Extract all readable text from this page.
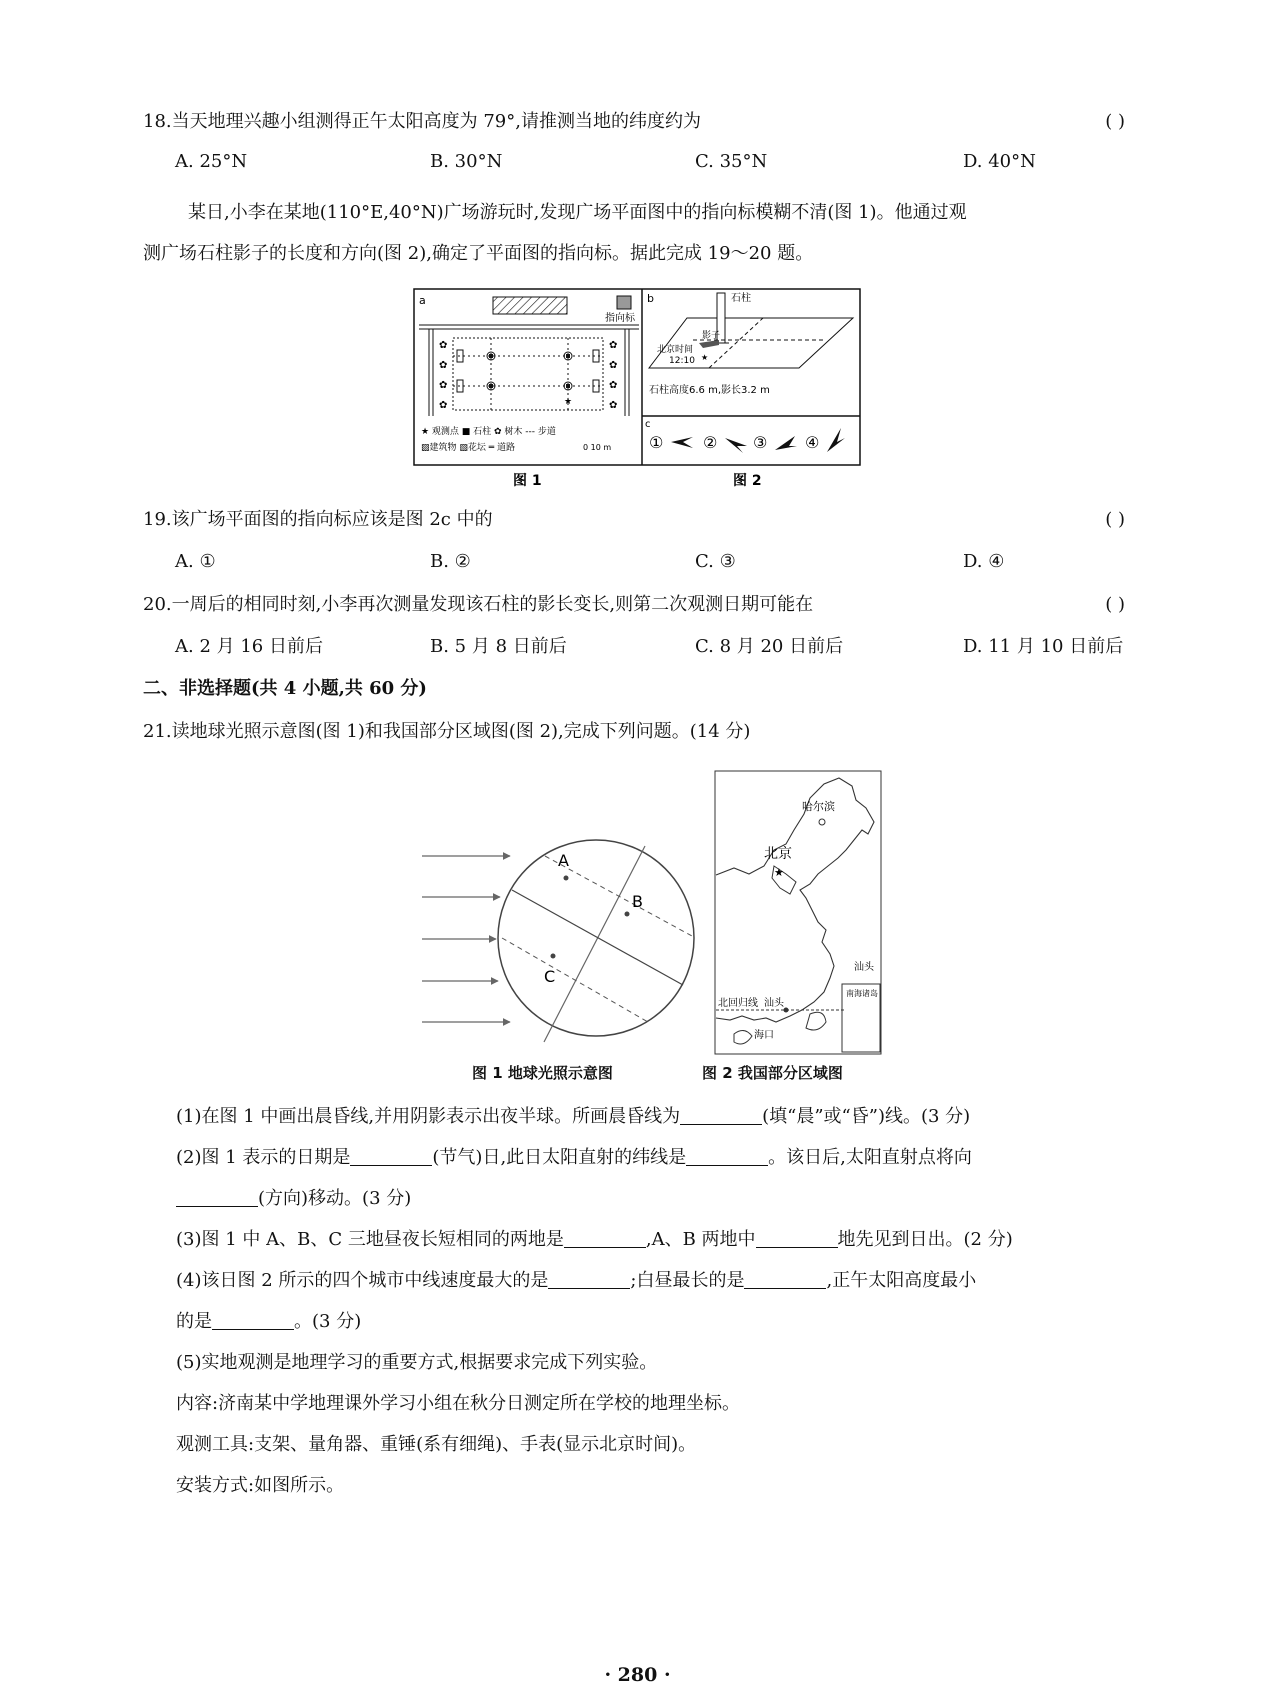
18.当天地理兴趣小组测得正午太阳高度为 79°,请推测当地的纬度约为	( )
A. 25°N	B. 30°N	C. 35°N	D. 40°N
某日,小李在某地(110°E,40°N)广场游玩时,发现广场平面图中的指向标模糊不清(图 1)。他通过观
测广场石柱影子的长度和方向(图 2),确定了平面图的指向标。据此完成 19～20 题。
a
指向标
★
✿
✿
✿
✿
✿
✿
✿
✿
★ 观测点 ■ 石柱 ✿ 树木 --- 步道
▨建筑物 ▧花坛 ═ 道路	0 10 m
b	石柱
影子
北京时间
12:10 ★
石柱高度6.6 m,影长3.2 m
c
① ② ③ ④
图 1	图 2
19.该广场平面图的指向标应该是图 2c 中的	( )
A. ①	B. ②	C. ③	D. ④
20.一周后的相同时刻,小李再次测量发现该石柱的影长变长,则第二次观测日期可能在	( )
A. 2 月 16 日前后	B. 5 月 8 日前后	C. 8 月 20 日前后	D. 11 月 10 日前后
二、非选择题(共 4 小题,共 60 分)
21.读地球光照示意图(图 1)和我国部分区域图(图 2),完成下列问题。(14 分)
A
B
C
哈尔滨
北京
★
汕头
北回归线 汕头
海口
南海诸岛
图 1 地球光照示意图	图 2 我国部分区域图
(1)在图 1 中画出晨昏线,并用阴影表示出夜半球。所画晨昏线为	(填“晨”或“昏”)线。(3 分)
(2)图 1 表示的日期是	(节气)日,此日太阳直射的纬线是	。该日后,太阳直射点将向
(方向)移动。(3 分)
(3)图 1 中 A、B、C 三地昼夜长短相同的两地是	,A、B 两地中	地先见到日出。(2 分)
(4)该日图 2 所示的四个城市中线速度最大的是	;白昼最长的是	,正午太阳高度最小
的是	。(3 分)
(5)实地观测是地理学习的重要方式,根据要求完成下列实验。
内容:济南某中学地理课外学习小组在秋分日测定所在学校的地理坐标。
观测工具:支架、量角器、重锤(系有细绳)、手表(显示北京时间)。
安装方式:如图所示。
· 280 ·
